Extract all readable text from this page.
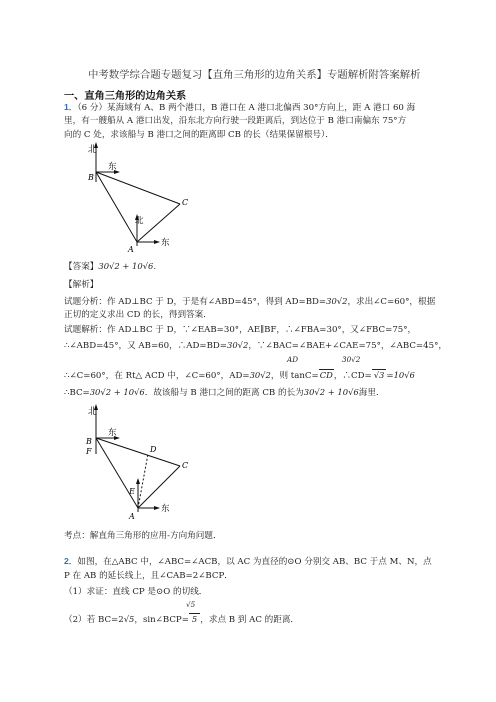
中考数学综合题专题复习【直角三角形的边角关系】专题解析附答案解析
一、直角三角形的边角关系
1．（6 分）某海域有 A、B 两个港口，B 港口在 A 港口北偏西 30°方向上，距 A 港口 60 海
里，有一艘船从 A 港口出发，沿东北方向行驶一段距离后，到达位于 B 港口南偏东 75°方
向的 C 处，求该船与 B 港口之间的距离即 CB 的长（结果保留根号）．
北
东
B
C
北
东
A
【答案】30√2 + 10√6.
【解析】
试题分析：作 AD⊥BC 于 D，于是有∠ABD=45°，得到 AD=BD=30√2，求出∠C=60°，根据
正切的定义求出 CD 的长，得到答案．
试题解析：作 AD⊥BC 于 D，∵∠EAB=30°，AE∥BF，∴∠FBA=30°，又∠FBC=75°，
∴∠ABD=45°，又 AB=60，∴AD=BD=30√2，∵∠BAC=∠BAE+∠CAE=75°，∠ABC=45°，
AD	30√2
∴∠C=60°，在 Rt△ ACD 中，∠C=60°，AD=30√2，则 tanC=CD，∴CD= √3 =10√6
∴BC=30√2 + 10√6．故该船与 B 港口之间的距离 CB 的长为30√2 + 10√6海里．
北
东
B
F	D
C
E
东
A
考点：解直角三角形的应用-方向角问题．
2．如图，在△ABC 中，∠ABC=∠ACB，以 AC 为直径的⊙O 分别交 AB、BC 于点 M、N，点
P 在 AB 的延长线上，且∠CAB=2∠BCP．
（1）求证：直线 CP 是⊙O 的切线．
√5
（2）若 BC=2√5，sin∠BCP= 5 ，求点 B 到 AC 的距离．
